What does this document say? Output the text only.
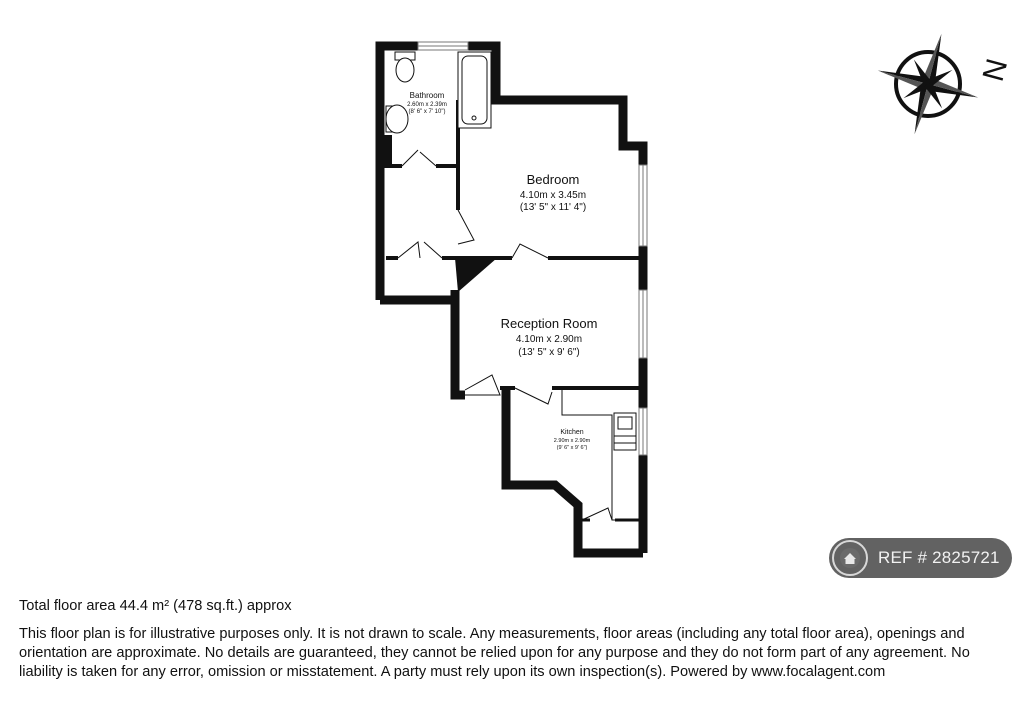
Bathroom
2.60m x 2.39m
(8' 6" x 7' 10")
Bedroom
4.10m x 3.45m
(13' 5" x 11' 4")
Reception Room
4.10m x 2.90m
(13' 5" x 9' 6")
Kitchen
2.90m x 2.90m
(9' 6" x 9' 6")
N
REF # 2825721
Total floor area 44.4 m² (478 sq.ft.) approx
This floor plan is for illustrative purposes only. It is not drawn to scale. Any measurements, floor areas (including any total floor area), openings and orientation are approximate. No details are guaranteed, they cannot be relied upon for any purpose and they do not form part of any agreement. No liability is taken for any error, omission or misstatement. A party must rely upon its own inspection(s). Powered by www.focalagent.com
